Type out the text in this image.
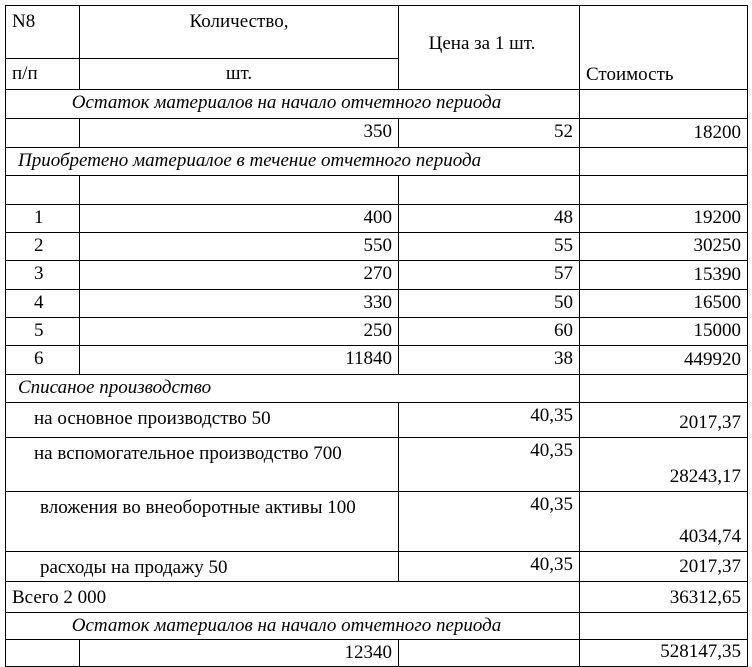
N8	Количество,	Цена за 1 шт.	Стоимость
п/п	шт.		
Остаток материалов на начало отчетного периода			
	350	52	18200
Приобретено материалое в течение отчетного периода			

1	400	48	19200
2	550	55	30250
3	270	57	15390
4	330	50	16500
5	250	60	15000
6	11840	38	449920
Списаное производство			
на основное производство 50		40,35	2017,37
на вспомогательное производство 700		40,35	28243,17
вложения во внеоборотные активы 100		40,35	4034,74
расходы на продажу 50		40,35	2017,37
Всего 2 000			36312,65
Остаток материалов на начало отчетного периода			
	12340		528147,35
